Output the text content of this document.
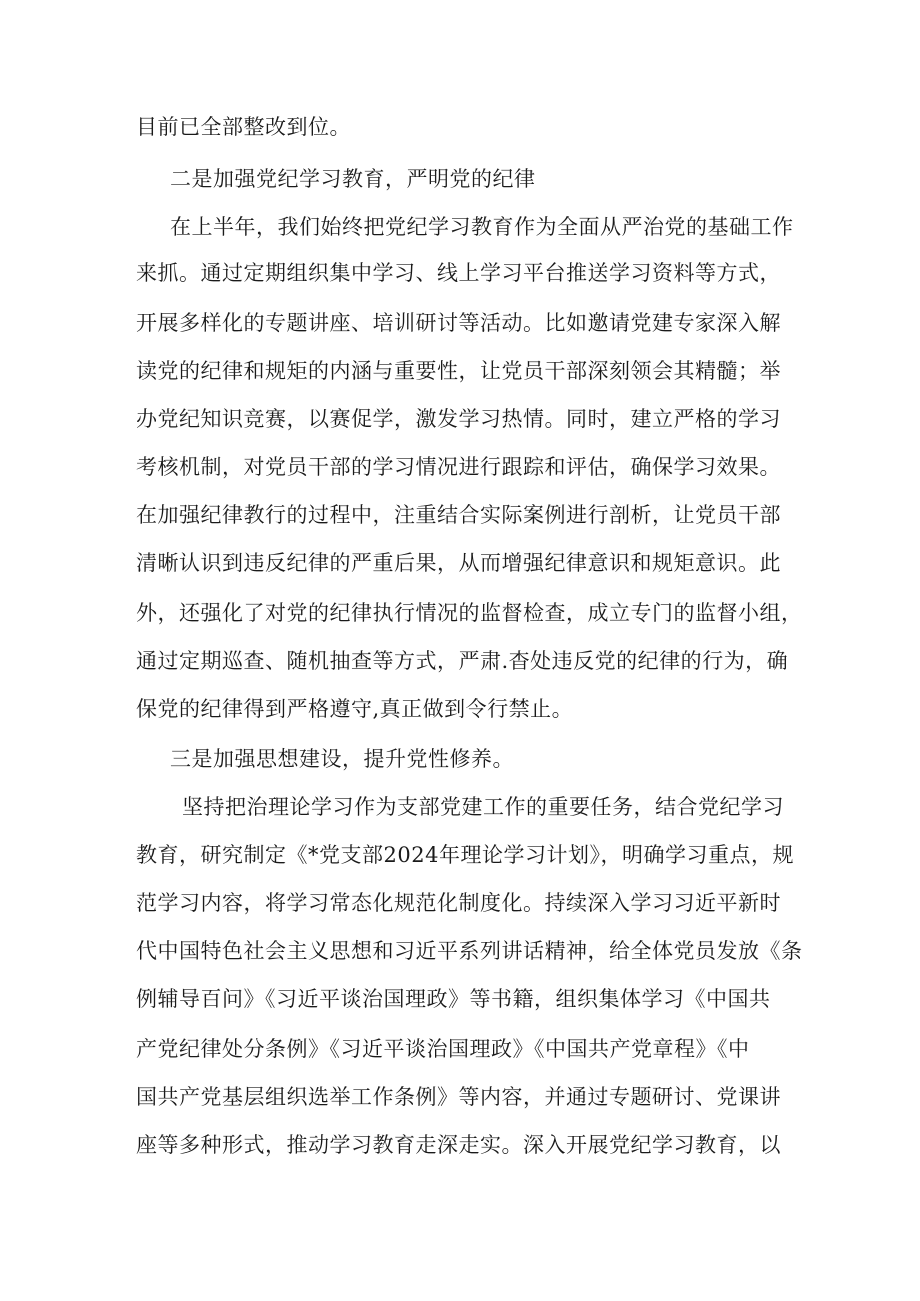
目前已全部整改到位。
二是加强党纪学习教育，严明党的纪律
在上半年，我们始终把党纪学习教育作为全面从严治党的基础工作
来抓。通过定期组织集中学习、线上学习平台推送学习资料等方式，
开展多样化的专题讲座、培训研讨等活动。比如邀请党建专家深入解
读党的纪律和规矩的内涵与重要性，让党员干部深刻领会其精髓；举
办党纪知识竞赛，以赛促学，激发学习热情。同时，建立严格的学习
考核机制，对党员干部的学习情况进行跟踪和评估，确保学习效果。
在加强纪律教行的过程中，注重结合实际案例进行剖析，让党员干部
清晰认识到违反纪律的严重后果，从而增强纪律意识和规矩意识。此
外，还强化了对党的纪律执行情况的监督检查，成立专门的监督小组，
通过定期巡查、随机抽查等方式，严肃.杳处违反党的纪律的行为，确
保党的纪律得到严格遵守,真正做到令行禁止。
三是加强思想建设，提升党性修养。
坚持把治理论学习作为支部党建工作的重要任务，结合党纪学习
教育，研究制定《*党支部2024年理论学习计划》，明确学习重点，规
范学习内容，将学习常态化规范化制度化。持续深入学习习近平新时
代中国特色社会主义思想和习近平系列讲话精神，给全体党员发放《条
例辅导百问》《习近平谈治国理政》等书籍，组织集体学习《中国共
产党纪律处分条例》《习近平谈治国理政》《中国共产党章程》《中
国共产党基层组织选举工作条例》等内容，并通过专题研讨、党课讲
座等多种形式，推动学习教育走深走实。深入开展党纪学习教育，以
